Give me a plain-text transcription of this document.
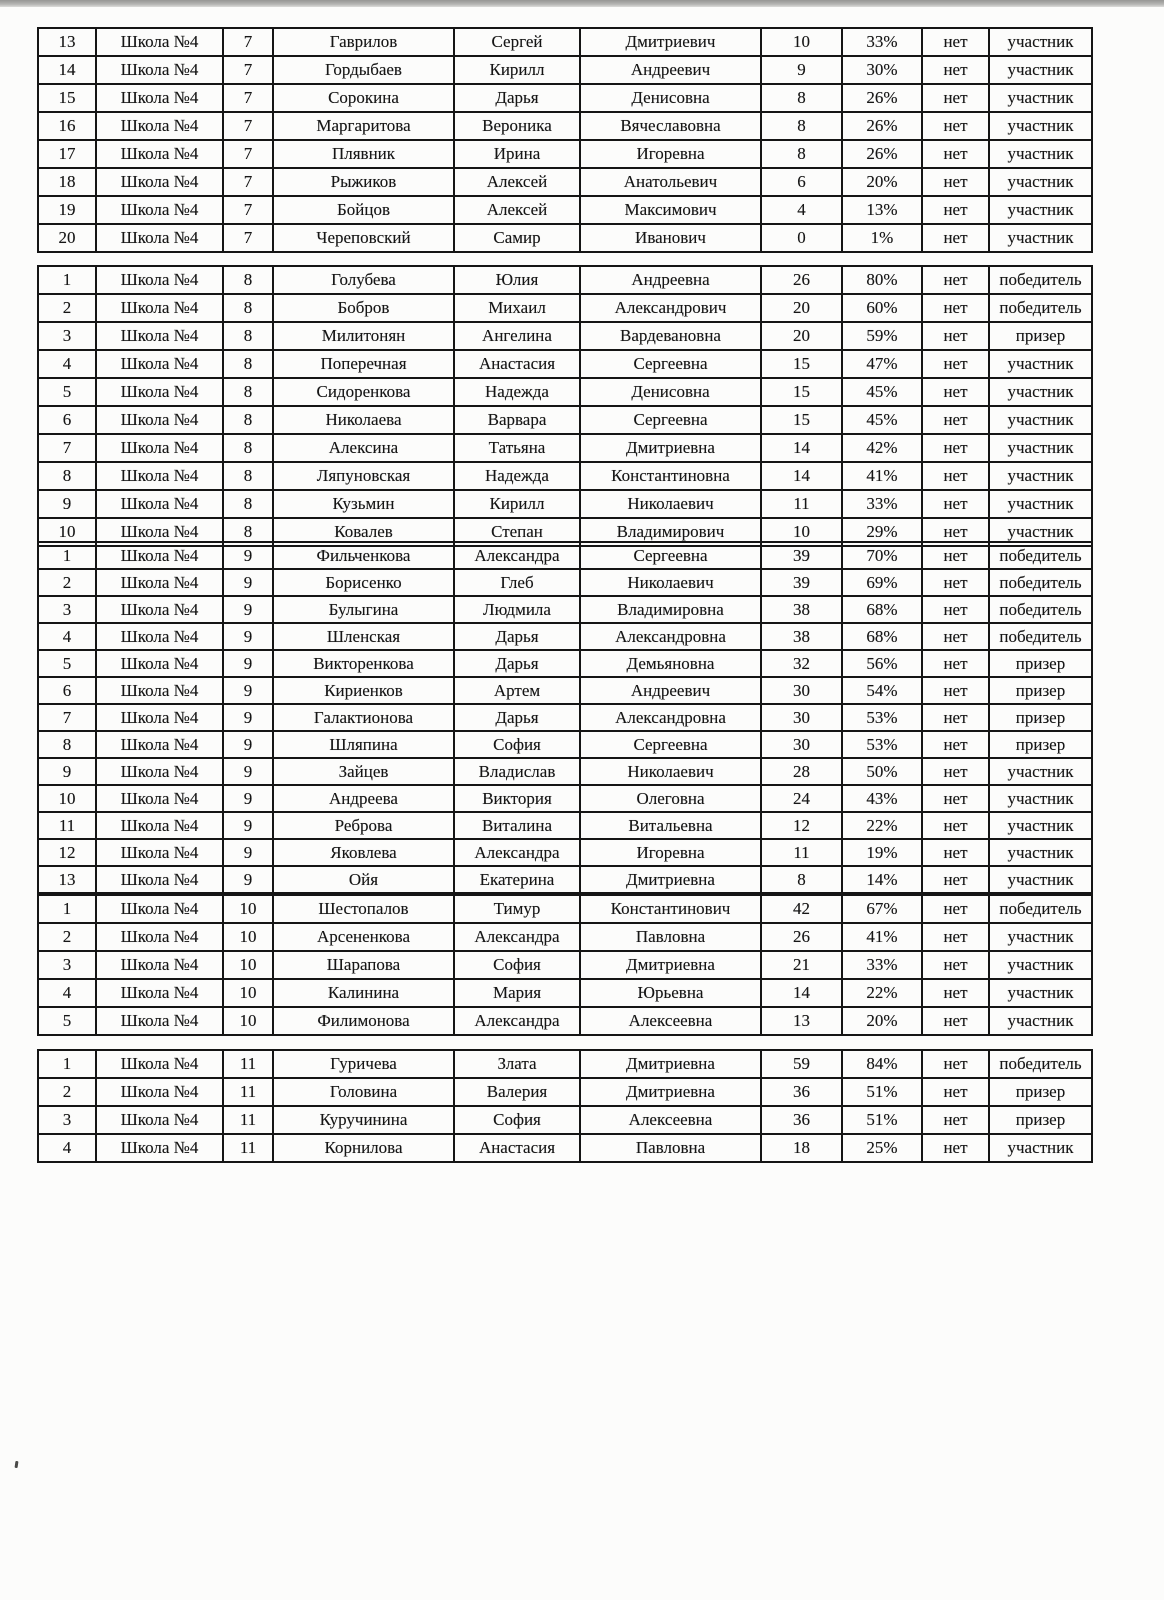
13	Школа №4	7	Гаврилов	Сергей	Дмитриевич	10	33%	нет	участник
14	Школа №4	7	Гордыбаев	Кирилл	Андреевич	9	30%	нет	участник
15	Школа №4	7	Сорокина	Дарья	Денисовна	8	26%	нет	участник
16	Школа №4	7	Маргаритова	Вероника	Вячеславовна	8	26%	нет	участник
17	Школа №4	7	Плявник	Ирина	Игоревна	8	26%	нет	участник
18	Школа №4	7	Рыжиков	Алексей	Анатольевич	6	20%	нет	участник
19	Школа №4	7	Бойцов	Алексей	Максимович	4	13%	нет	участник
20	Школа №4	7	Череповский	Самир	Иванович	0	1%	нет	участник
1	Школа №4	8	Голубева	Юлия	Андреевна	26	80%	нет	победитель
2	Школа №4	8	Бобров	Михаил	Александрович	20	60%	нет	победитель
3	Школа №4	8	Милитонян	Ангелина	Вардевановна	20	59%	нет	призер
4	Школа №4	8	Поперечная	Анастасия	Сергеевна	15	47%	нет	участник
5	Школа №4	8	Сидоренкова	Надежда	Денисовна	15	45%	нет	участник
6	Школа №4	8	Николаева	Варвара	Сергеевна	15	45%	нет	участник
7	Школа №4	8	Алексина	Татьяна	Дмитриевна	14	42%	нет	участник
8	Школа №4	8	Ляпуновская	Надежда	Константиновна	14	41%	нет	участник
9	Школа №4	8	Кузьмин	Кирилл	Николаевич	11	33%	нет	участник
10	Школа №4	8	Ковалев	Степан	Владимирович	10	29%	нет	участник
1	Школа №4	9	Фильченкова	Александра	Сергеевна	39	70%	нет	победитель
2	Школа №4	9	Борисенко	Глеб	Николаевич	39	69%	нет	победитель
3	Школа №4	9	Булыгина	Людмила	Владимировна	38	68%	нет	победитель
4	Школа №4	9	Шленская	Дарья	Александровна	38	68%	нет	победитель
5	Школа №4	9	Викторенкова	Дарья	Демьяновна	32	56%	нет	призер
6	Школа №4	9	Кириенков	Артем	Андреевич	30	54%	нет	призер
7	Школа №4	9	Галактионова	Дарья	Александровна	30	53%	нет	призер
8	Школа №4	9	Шляпина	София	Сергеевна	30	53%	нет	призер
9	Школа №4	9	Зайцев	Владислав	Николаевич	28	50%	нет	участник
10	Школа №4	9	Андреева	Виктория	Олеговна	24	43%	нет	участник
11	Школа №4	9	Реброва	Виталина	Витальевна	12	22%	нет	участник
12	Школа №4	9	Яковлева	Александра	Игоревна	11	19%	нет	участник
13	Школа №4	9	Ойя	Екатерина	Дмитриевна	8	14%	нет	участник
1	Школа №4	10	Шестопалов	Тимур	Константинович	42	67%	нет	победитель
2	Школа №4	10	Арсененкова	Александра	Павловна	26	41%	нет	участник
3	Школа №4	10	Шарапова	София	Дмитриевна	21	33%	нет	участник
4	Школа №4	10	Калинина	Мария	Юрьевна	14	22%	нет	участник
5	Школа №4	10	Филимонова	Александра	Алексеевна	13	20%	нет	участник
1	Школа №4	11	Гуричева	Злата	Дмитриевна	59	84%	нет	победитель
2	Школа №4	11	Головина	Валерия	Дмитриевна	36	51%	нет	призер
3	Школа №4	11	Куручинина	София	Алексеевна	36	51%	нет	призер
4	Школа №4	11	Корнилова	Анастасия	Павловна	18	25%	нет	участник
